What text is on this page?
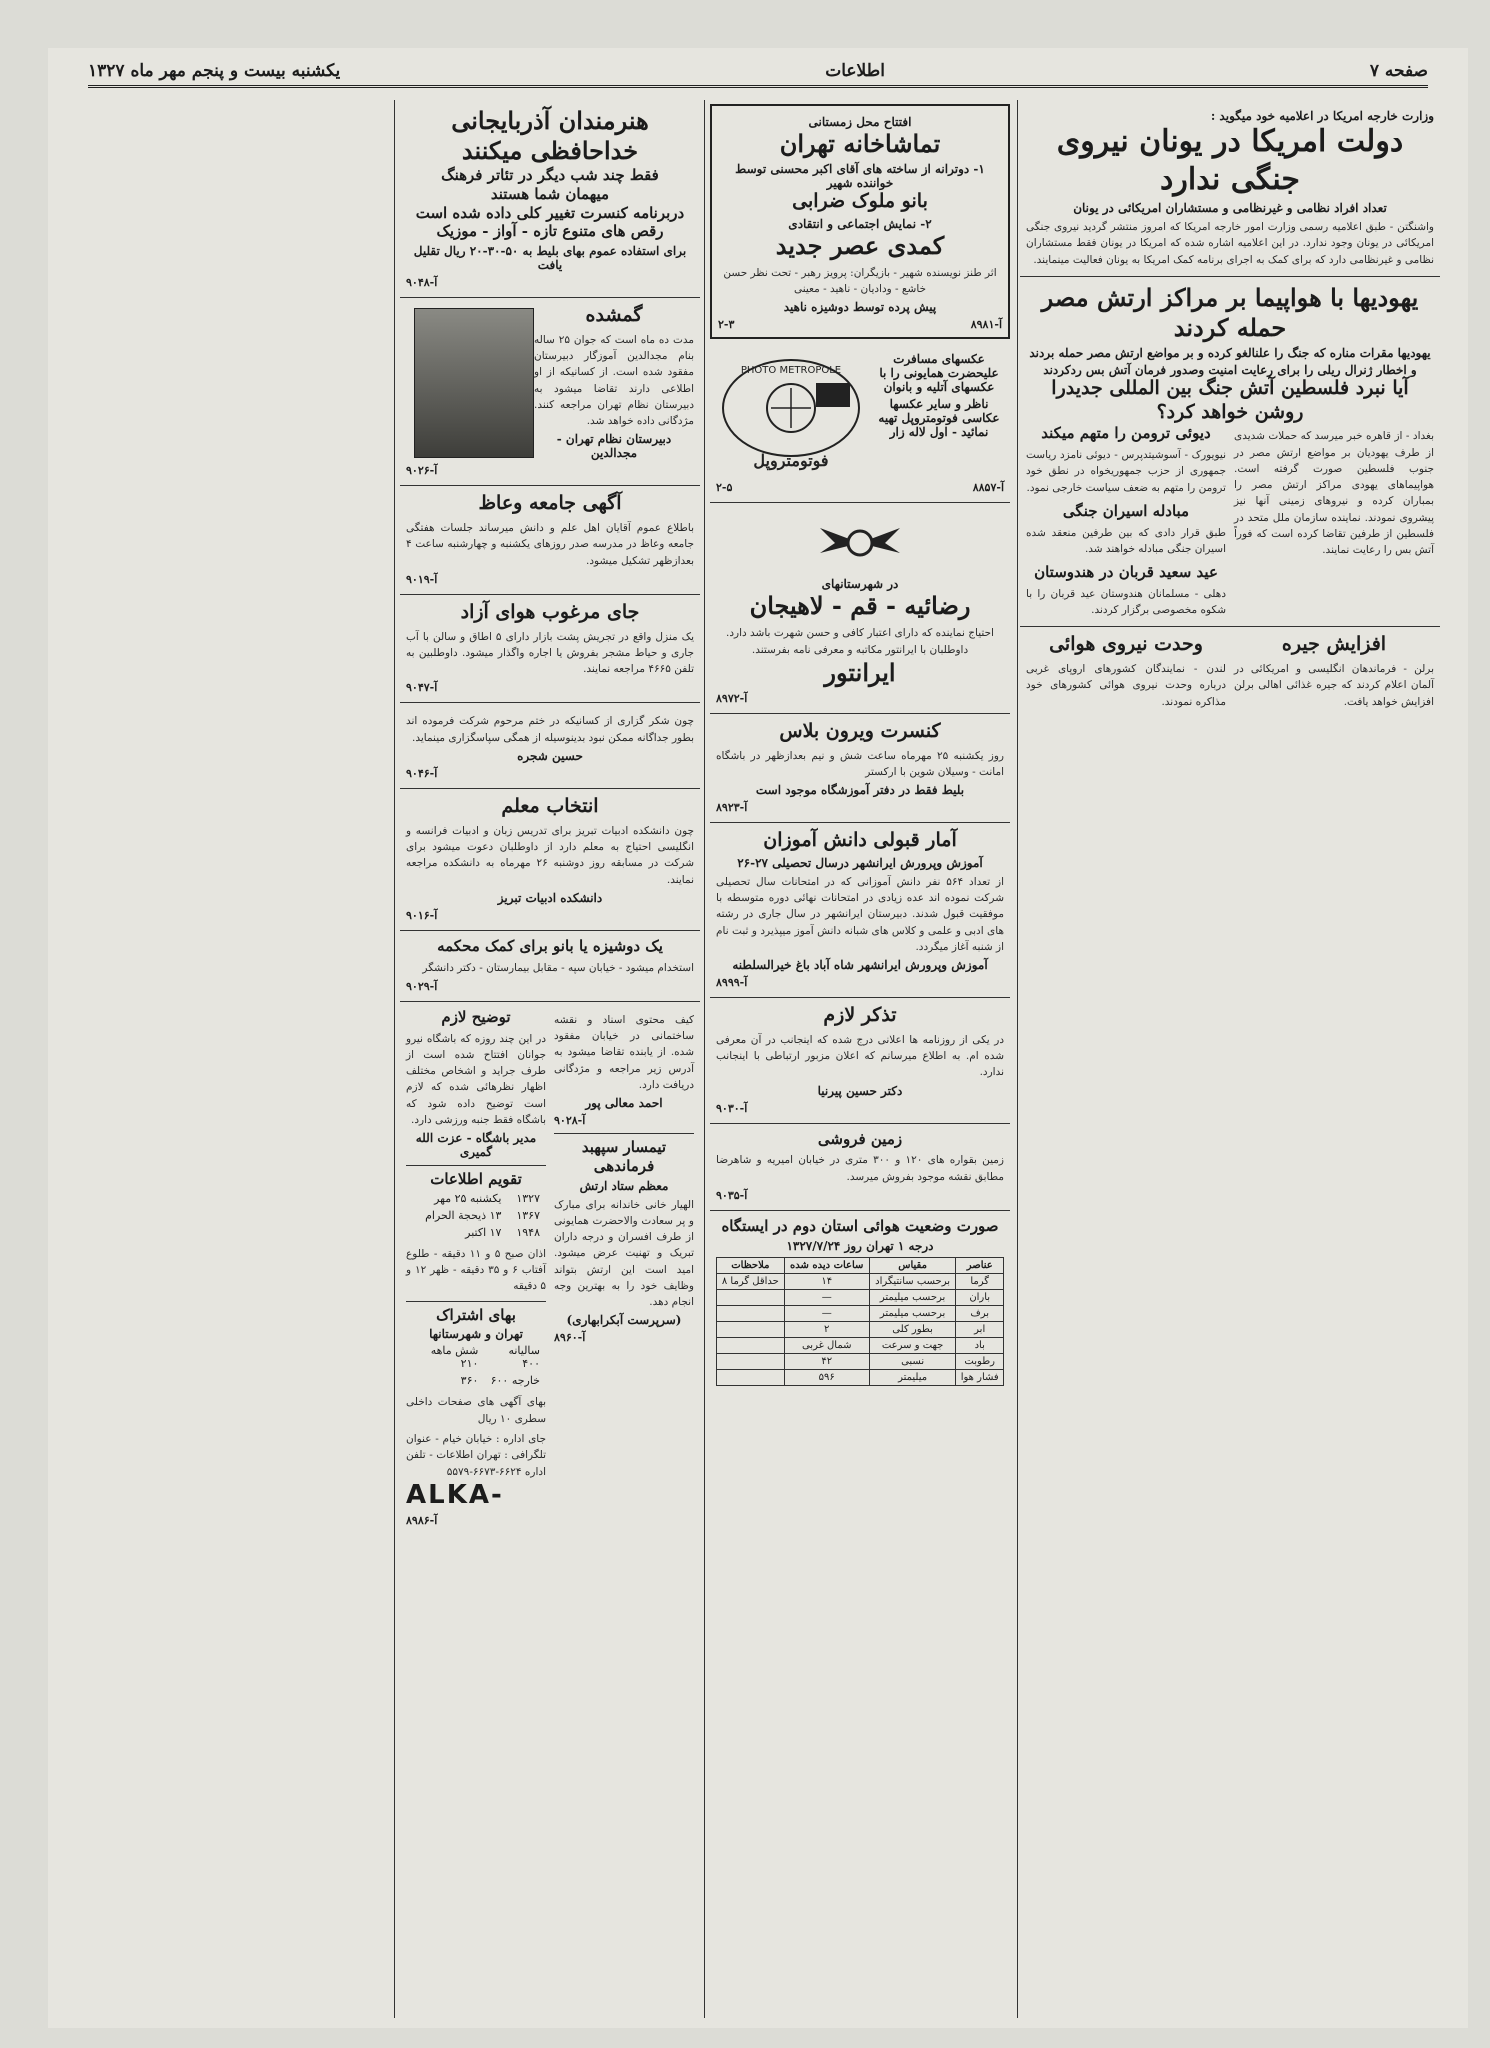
صفحه ۷
اطلاعات
یکشنبه بیست و پنجم مهر ماه ۱۳۲۷
وزارت خارجه امریکا در اعلامیه خود میگوید :
دولت امریکا در یونان نیروی جنگی ندارد
تعداد افراد نظامی و غیرنظامی و مستشاران امریکائی در یونان
واشنگتن - طبق اعلامیه رسمی وزارت امور خارجه امریکا که امروز منتشر گردید نیروی جنگی امریکائی در یونان وجود ندارد. در این اعلامیه اشاره شده که امریکا در یونان فقط مستشاران نظامی و غیرنظامی دارد که برای کمک به اجرای برنامه کمک امریکا به یونان فعالیت مینمایند.
یهودیها با هواپیما بر مراکز ارتش مصر حمله کردند
یهودیها مقرات مناره که جنگ را علنالغو کرده و بر مواضع ارتش مصر حمله بردند
و اخطار ژنرال ریلی را برای رعایت امنیت وصدور فرمان آتش بس ردکردند
آیا نبرد فلسطین آتش جنگ بین المللی جدیدرا روشن خواهد کرد؟
بغداد - از قاهره خبر میرسد که حملات شدیدی از طرف یهودیان بر مواضع ارتش مصر در جنوب فلسطین صورت گرفته است. هواپیماهای یهودی مراکز ارتش مصر را بمباران کرده و نیروهای زمینی آنها نیز پیشروی نمودند. نماینده سازمان ملل متحد در فلسطین از طرفین تقاضا کرده است که فوراً آتش بس را رعایت نمایند.
دیوئی ترومن را متهم میکند
نیویورک - آسوشیتدپرس - دیوئی نامزد ریاست جمهوری از حزب جمهوریخواه در نطق خود ترومن را متهم به ضعف سیاست خارجی نمود.
مبادله اسیران جنگی
طبق قرار دادی که بین طرفین منعقد شده اسیران جنگی مبادله خواهند شد.
عید سعید قربان در هندوستان
دهلی - مسلمانان هندوستان عید قربان را با شکوه مخصوصی برگزار کردند.
افزایش جیره
برلن - فرماندهان انگلیسی و امریکائی در آلمان اعلام کردند که جیره غذائی اهالی برلن افزایش خواهد یافت.
وحدت نیروی هوائی
لندن - نمایندگان کشورهای اروپای غربی درباره وحدت نیروی هوائی کشورهای خود مذاکره نمودند.
افتتاح محل زمستانی
تماشاخانه تهران
۱- دوترانه از ساخته های آقای اکبر محسنی توسط خواننده شهیر
بانو ملوک ضرابی
۲- نمایش اجتماعی و انتقادی
کمدی عصر جدید
اثر طنز نویسنده شهیر - بازیگران: پرویز رهبر - تحت نظر حسن خاشع - ودادیان - ناهید - معینی
پیش پرده توسط دوشیزه ناهید
۲-۳	آ-۸۹۸۱
عکسهای مسافرت علیحضرت همایونی را با عکسهای آتلیه و بانوان
ناظر و سایر عکسها عکاسی فوتومتروپل تهیه نمائید - اول لاله زار
PHOTO METROPOLE
فوتومتروپل
۲-۵	آ-۸۸۵۷
در شهرستانهای
رضائیه - قم - لاهیجان
احتیاج نماینده که دارای اعتبار کافی و حسن شهرت باشد دارد. داوطلبان با ایرانتور مکاتبه و معرفی نامه بفرستند.
ایرانتور
آ-۸۹۷۲
کنسرت ویرون بلاس
روز یکشنبه ۲۵ مهرماه ساعت شش و نیم بعدازظهر در باشگاه امانت - وسیلان شوین با ارکستر
بلیط فقط در دفتر آموزشگاه موجود است
آ-۸۹۲۳
آمار قبولی دانش آموزان
آموزش وپرورش ایرانشهر درسال تحصیلی ۲۷-۲۶
از تعداد ۵۶۴ نفر دانش آموزانی که در امتحانات سال تحصیلی شرکت نموده اند عده زیادی در امتحانات نهائی دوره متوسطه با موفقیت قبول شدند. دبیرستان ایرانشهر در سال جاری در رشته های ادبی و علمی و کلاس های شبانه دانش آموز میپذیرد و ثبت نام از شنبه آغاز میگردد.
آموزش وپرورش ایرانشهر شاه آباد باغ خیرالسلطنه
آ-۸۹۹۹
تذکر لازم
در یکی از روزنامه ها اعلانی درج شده که اینجانب در آن معرفی شده ام. به اطلاع میرسانم که اعلان مزبور ارتباطی با اینجانب ندارد.
دکتر حسین پیرنیا
آ-۹۰۳۰
زمین فروشی
زمین بقواره های ۱۲۰ و ۳۰۰ متری در خیابان امیریه و شاهرضا مطابق نقشه موجود بفروش میرسد.
آ-۹۰۳۵
صورت وضعیت هوائی استان دوم در ایستگاه
درجه ۱ تهران روز ۱۳۲۷/۷/۲۴
عناصر	مقیاس	ساعات دیده شده	ملاحظات
گرما	برحسب سانتیگراد	۱۴	حداقل گرما ۸
باران	برحسب میلیمتر	—	
برف	برحسب میلیمتر	—	
ابر	بطور کلی	۲	
باد	جهت و سرعت	شمال غربی	
رطوبت	نسبی	۴۲	
فشار هوا	میلیمتر	۵۹۶	
هنرمندان آذربایجانی
خداحافظی میکنند
فقط چند شب دیگر در تئاتر فرهنگ
میهمان شما هستند
دربرنامه کنسرت تغییر کلی داده شده است
رقص های متنوع تازه - آواز - موزیک
برای استفاده عموم بهای بلیط به ۵۰-۳۰-۲۰ ریال تقلیل یافت
آ-۹۰۴۸
گمشده
مدت ده ماه است که جوان ۲۵ ساله بنام مجدالدین آموزگار دبیرستان مفقود شده است. از کسانیکه از او اطلاعی دارند تقاضا میشود به دبیرستان نظام تهران مراجعه کنند. مژدگانی داده خواهد شد.
دبیرستان نظام تهران - مجدالدین
آ-۹۰۲۶
آگهی جامعه وعاظ
باطلاع عموم آقایان اهل علم و دانش میرساند جلسات هفتگی جامعه وعاظ در مدرسه صدر روزهای یکشنبه و چهارشنبه ساعت ۴ بعدازظهر تشکیل میشود.
آ-۹۰۱۹
جای مرغوب هوای آزاد
یک منزل واقع در تجریش پشت بازار دارای ۵ اطاق و سالن با آب جاری و حیاط مشجر بفروش یا اجاره واگذار میشود. داوطلبین به تلفن ۴۶۶۵ مراجعه نمایند.
آ-۹۰۴۷
چون شکر گزاری از کسانیکه در ختم مرحوم شرکت فرموده اند بطور جداگانه ممکن نبود بدینوسیله از همگی سپاسگزاری مینماید.
حسین شجره
آ-۹۰۴۶
انتخاب معلم
چون دانشکده ادبیات تبریز برای تدریس زبان و ادبیات فرانسه و انگلیسی احتیاج به معلم دارد از داوطلبان دعوت میشود برای شرکت در مسابقه روز دوشنبه ۲۶ مهرماه به دانشکده مراجعه نمایند.
دانشکده ادبیات تبریز
آ-۹۰۱۶
یک دوشیزه یا بانو برای کمک محکمه
استخدام میشود - خیابان سپه - مقابل بیمارستان - دکتر دانشگر
آ-۹۰۲۹
کیف محتوی اسناد و نقشه ساختمانی در خیابان مفقود شده. از یابنده تقاضا میشود به آدرس زیر مراجعه و مژدگانی دریافت دارد.
احمد معالی پور
آ-۹۰۲۸
تیمسار سپهبد فرماندهی
معظم ستاد ارتش
الهیار خانی خاندانه برای مبارک و پر سعادت والاحضرت همایونی از طرف افسران و درجه داران تبریک و تهنیت عرض میشود. امید است این ارتش بتواند وظایف خود را به بهترین وجه انجام دهد.
(سرپرست آبکرابهاری)
آ-۸۹۶۰
توضیح لازم
در این چند روزه که باشگاه نیرو جوانان افتتاح شده است از طرف جراید و اشخاص مختلف اظهار نظرهائی شده که لازم است توضیح داده شود که باشگاه فقط جنبه ورزشی دارد.
مدیر باشگاه - عزت الله گمیری
تقویم اطلاعات
۱۳۲۷	یکشنبه ۲۵ مهر
۱۳۶۷	۱۳ ذیحجة الحرام
۱۹۴۸	۱۷ اکتبر
اذان صبح ۵ و ۱۱ دقیقه - طلوع آفتاب ۶ و ۳۵ دقیقه - ظهر ۱۲ و ۵ دقیقه
بهای اشتراک
تهران و شهرستانها
سالیانه ۴۰۰	شش ماهه ۲۱۰
خارجه ۶۰۰	۳۶۰
بهای آگهی های صفحات داخلی سطری ۱۰ ریال
جای اداره : خیابان خیام - عنوان تلگرافی : تهران اطلاعات - تلفن اداره ۶۶۲۴-۶۶۷۳-۵۵۷۹
ALKA-
آ-۸۹۸۶
